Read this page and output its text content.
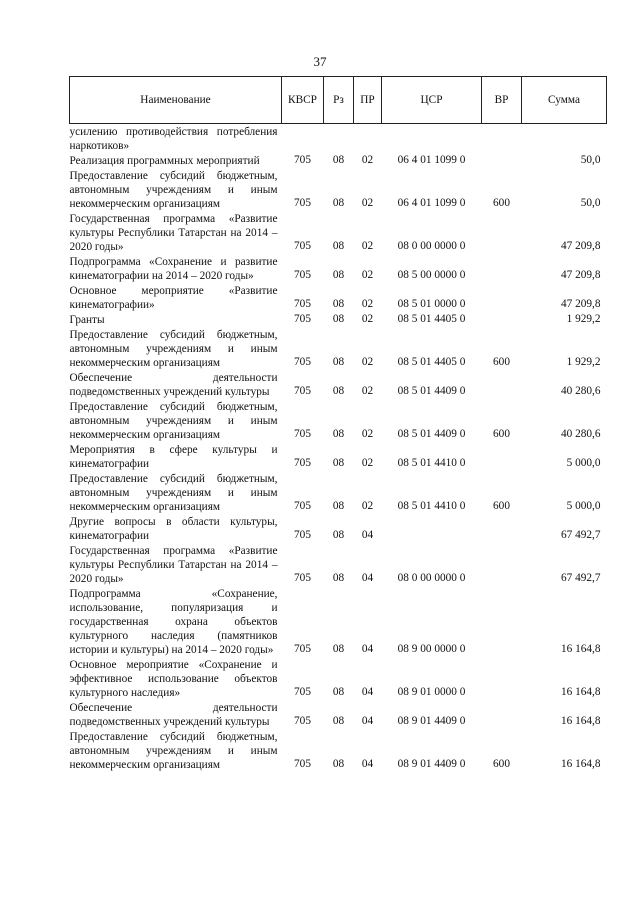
37
Наименование	КВСР	Рз	ПР	ЦСР	ВР	Сумма
усилению противодействия потребления наркотиков»						
Реализация программных мероприятий	705	08	02	06 4 01 1099 0		50,0
Предоставление субсидий бюджетным, автономным учреждениям и иным некоммерческим организациям	705	08	02	06 4 01 1099 0	600	50,0
Государственная программа «Развитие культуры Республики Татарстан на 2014 – 2020 годы»	705	08	02	08 0 00 0000 0		47 209,8
Подпрограмма «Сохранение и развитие кинематографии на 2014 – 2020 годы»	705	08	02	08 5 00 0000 0		47 209,8
Основное мероприятие «Развитие кинематографии»	705	08	02	08 5 01 0000 0		47 209,8
Гранты	705	08	02	08 5 01 4405 0		1 929,2
Предоставление субсидий бюджетным, автономным учреждениям и иным некоммерческим организациям	705	08	02	08 5 01 4405 0	600	1 929,2
Обеспечение деятельности подведомственных учреждений культуры	705	08	02	08 5 01 4409 0		40 280,6
Предоставление субсидий бюджетным, автономным учреждениям и иным некоммерческим организациям	705	08	02	08 5 01 4409 0	600	40 280,6
Мероприятия в сфере культуры и кинематографии	705	08	02	08 5 01 4410 0		5 000,0
Предоставление субсидий бюджетным, автономным учреждениям и иным некоммерческим организациям	705	08	02	08 5 01 4410 0	600	5 000,0
Другие вопросы в области культуры, кинематографии	705	08	04			67 492,7
Государственная программа «Развитие культуры Республики Татарстан на 2014 – 2020 годы»	705	08	04	08 0 00 0000 0		67 492,7
Подпрограмма «Сохранение, использование, популяризация и государственная охрана объектов культурного наследия (памятников истории и культуры) на 2014 – 2020 годы»	705	08	04	08 9 00 0000 0		16 164,8
Основное мероприятие «Сохранение и эффективное использование объектов культурного наследия»	705	08	04	08 9 01 0000 0		16 164,8
Обеспечение деятельности подведомственных учреждений культуры	705	08	04	08 9 01 4409 0		16 164,8
Предоставление субсидий бюджетным, автономным учреждениям и иным некоммерческим организациям	705	08	04	08 9 01 4409 0	600	16 164,8
